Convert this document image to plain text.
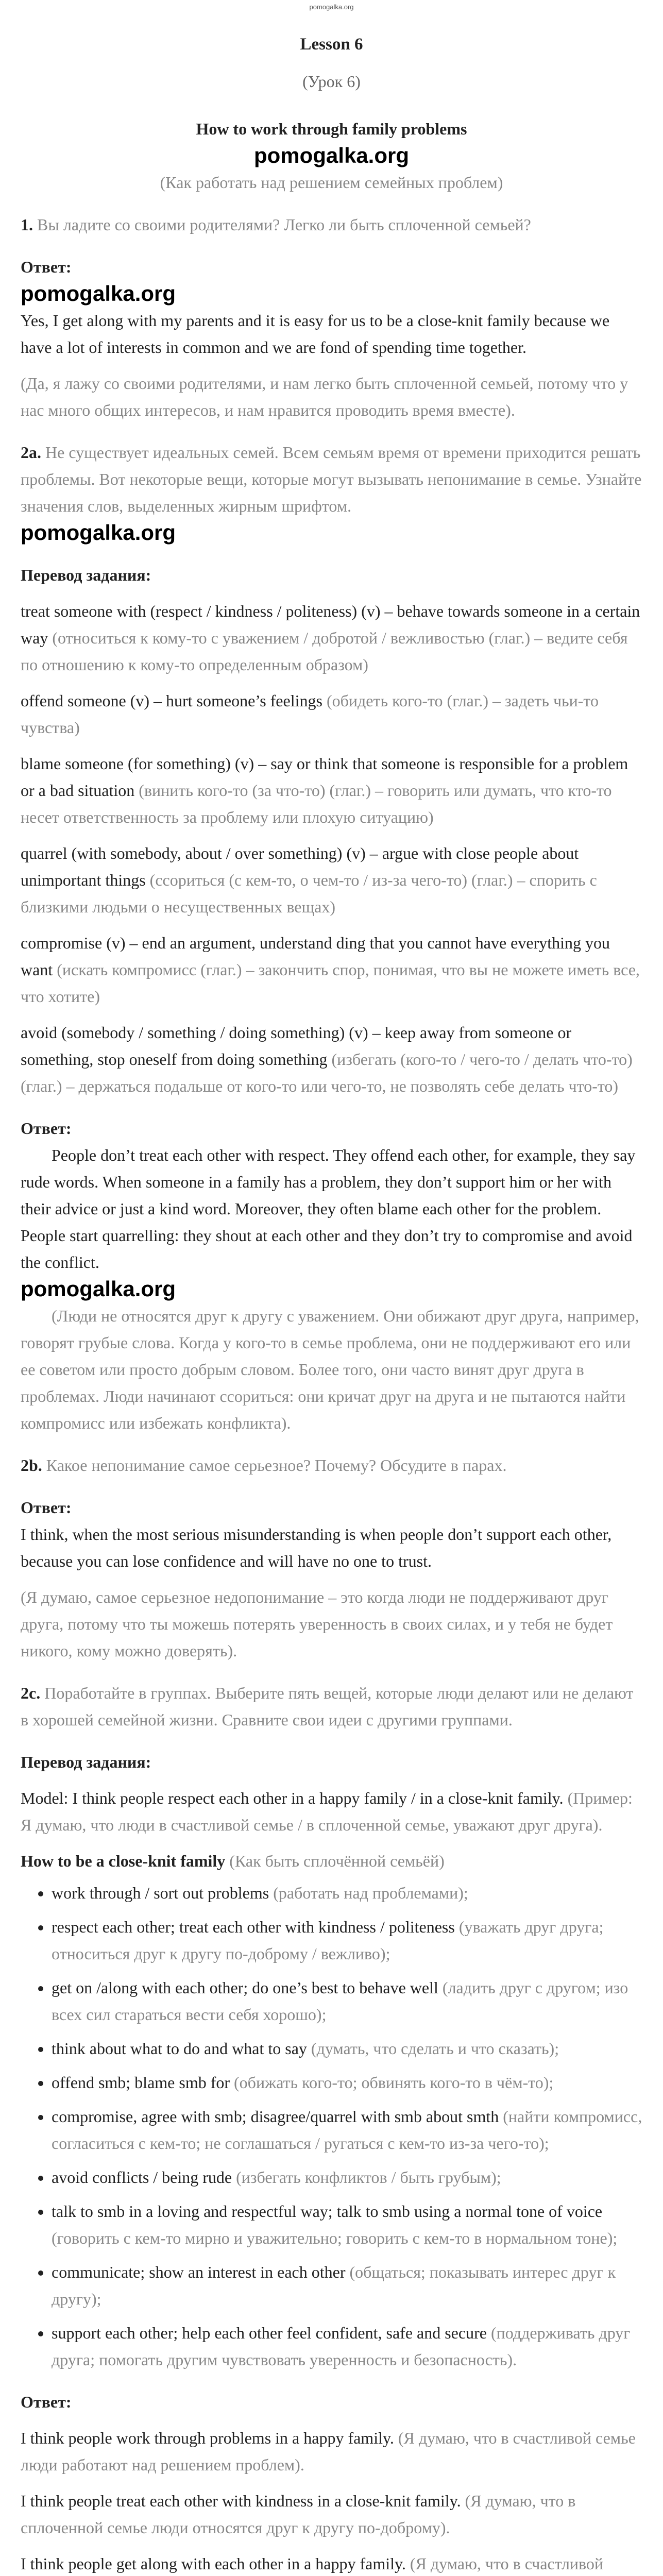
pomogalka.org

Lesson 6

(Урок 6)

How to work through family problems

pomogalka.org

(Как работать над решением семейных проблем)

1. Вы ладите со своими родителями? Легко ли быть сплоченной семьей?

Ответ:

pomogalka.org

Yes, I get along with my parents and it is easy for us to be a close-knit family because we have a lot of interests in common and we are fond of spending time together.

(Да, я лажу со своими родителями, и нам легко быть сплоченной семьей, потому что у нас много общих интересов, и нам нравится проводить время вместе).

2a. Не существует идеальных семей. Всем семьям время от времени приходится решать проблемы. Вот некоторые вещи, которые могут вызывать непонимание в семье. Узнайте значения слов, выделенных жирным шрифтом.

pomogalka.org

Перевод задания:

treat someone with (respect / kindness / politeness) (v) – behave towards someone in a certain way (относиться к кому-то с уважением / добротой / вежливостью (глаг.) – ведите себя по отношению к кому-то определенным образом)

offend someone (v) – hurt someone’s feelings (обидеть кого-то (глаг.) – задеть чьи-то чувства)

blame someone (for something) (v) – say or think that someone is responsible for a problem or a bad situation (винить кого-то (за что-то) (глаг.) – говорить или думать, что кто-то несет ответственность за проблему или плохую ситуацию)

quarrel (with somebody, about / over something) (v) – argue with close people about unimportant things (ссориться (с кем-то, о чем-то / из-за чего-то) (глаг.) – спорить с близкими людьми о несущественных вещах)

compromise (v) – end an argument, understand ding that you cannot have everything you want (искать компромисс (глаг.) – закончить спор, понимая, что вы не можете иметь все, что хотите)

avoid (somebody / something / doing something) (v) – keep away from someone or something, stop oneself from doing something (избегать (кого-то / чего-то / делать что-то) (глаг.) – держаться подальше от кого-то или чего-то, не позволять себе делать что-то)

Ответ:

People don’t treat each other with respect. They offend each other, for example, they say rude words. When someone in a family has a problem, they don’t support him or her with their advice or just a kind word. Moreover, they often blame each other for the problem. People start quarrelling: they shout at each other and they don’t try to compromise and avoid the conflict.

pomogalka.org

(Люди не относятся друг к другу с уважением. Они обижают друг друга, например, говорят грубые слова. Когда у кого-то в семье проблема, они не поддерживают его или ее советом или просто добрым словом. Более того, они часто винят друг друга в проблемах. Люди начинают ссориться: они кричат друг на друга и не пытаются найти компромисс или избежать конфликта).

2b. Какое непонимание самое серьезное? Почему? Обсудите в парах.

Ответ:

I think, when the most serious misunderstanding is when people don’t support each other, because you can lose confidence and will have no one to trust.

(Я думаю, самое серьезное недопонимание – это когда люди не поддерживают друг друга, потому что ты можешь потерять уверенность в своих силах, и у тебя не будет никого, кому можно доверять).

2c. Поработайте в группах. Выберите пять вещей, которые люди делают или не делают в хорошей семейной жизни. Сравните свои идеи с другими группами.

Перевод задания:

Model: I think people respect each other in a happy family / in a close-knit family. (Пример: Я думаю, что люди в счастливой семье / в сплоченной семье, уважают друг друга).

How to be a close-knit family (Как быть сплочённой семьёй)

• work through / sort out problems (работать над проблемами);
• respect each other; treat each other with kindness / politeness (уважать друг друга; относиться друг к другу по-доброму / вежливо);
• get on /along with each other; do one’s best to behave well (ладить друг с другом; изо всех сил стараться вести себя хорошо);
• think about what to do and what to say (думать, что сделать и что сказать);
• offend smb; blame smb for (обижать кого-то; обвинять кого-то в чём-то);
• compromise, agree with smb; disagree/quarrel with smb about smth (найти компромисс, согласиться с кем-то; не соглашаться / ругаться с кем-то из-за чего-то);
• avoid conflicts / being rude (избегать конфликтов / быть грубым);
• talk to smb in a loving and respectful way; talk to smb using a normal tone of voice (говорить с кем-то мирно и уважительно; говорить с кем-то в нормальном тоне);
• communicate; show an interest in each other (общаться; показывать интерес друг к другу);
• support each other; help each other feel confident, safe and secure (поддерживать друг друга; помогать другим чувствовать уверенность и безопасность).

Ответ:

I think people work through problems in a happy family. (Я думаю, что в счастливой семье люди работают над решением проблем).

I think people treat each other with kindness in a close-knit family. (Я думаю, что в сплоченной семье люди относятся друг к другу по-доброму).

I think people get along with each other in a happy family. (Я думаю, что в счастливой
